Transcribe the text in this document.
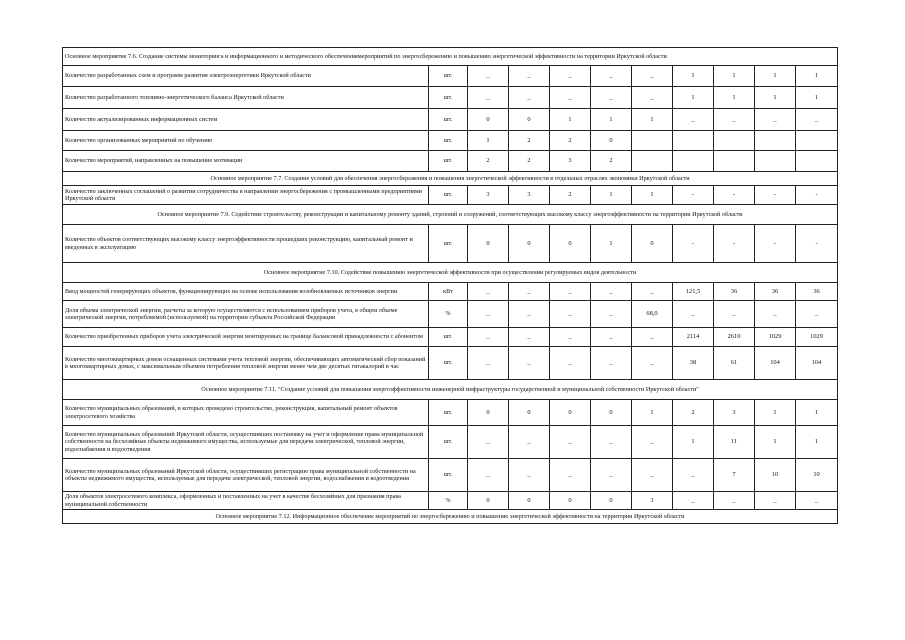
Основное мероприятие 7.6. Создание системы мониторинга и информационного и методического обеспечениямероприятий по энергосбережению и повышению энергетической эффективности на территории Иркутской области										
Количество разработанных схем и программ развития электроэнергетики Иркутской области	шт.	_	_	_	_	_	1	1	1	1
Количество разработанного топливно-энергетического баланса Иркутской области	шт.	_	_	_	_	_	1	1	1	1
Количество актуализированных информационных систем	шт.	0	0	1	1	1	_	_	_	_
Количество организованных мероприятий по обучению	шт.	1	2	2	0					
Количество мероприятий, направленных на повышение мотивации	шт.	2	2	3	2					
Основное мероприятие 7.7. Создание условий для обеспечения энергосбережения и повышения энергетической эффективности в отдельных отраслях экономики Иркутской области										
Количество заключенных соглашений о развитии сотрудничества в направлении энергосбережения с промышленными предприятиями Иркутской области	шт.	3	3	2	1	1	-	-	-	-
Основное мероприятие 7.9. Содействие строительству, реконструкции и капитальному ремонту зданий, строений и сооружений, соответствующих высокому классу энергоэффективности на территории Иркутской области										
Количество объектов соответствующих высокому классу энергоэффективности прошедших реконструкцию, капитальный ремонт и введенных в эксплуатацию	шт.	0	0	0	1	0	-	-	-	-
Основное мероприятие 7.10. Содействие повышению энергетической эффективности при осуществлении регулируемых видов деятельности										
Ввод мощностей генерирующих объектов, функционирующих на основе использования возобновляемых источников энергии	кВт	_	_	_	_	_	121,5	36	36	36
Доля объема электрической энергии, расчеты за которую осуществляются с использованием приборов учета, в общем объеме электрической энергии, потребляемой (используемой) на территории субъекта Российской Федерации	%	_	_	_	_	68,0	_	_	_	_
Количество приобретенных приборов учета электрической энергии монтируемых на границе балансовой принадлежности с абонентом	шт.	_	_	_	_	_	2114	2610	1029	1029
Количество многоквартирных домов оснащенных системами учета тепловой энергии, обеспечивающих автоматический сбор показаний в многоквартирных домах, с максимальным объемом потребления тепловой энергии менее чем две десятых гигакалорий в час	шт.	_	_	_	_	_	38	61	104	104
Основное мероприятие 7.11. "Создание условий для повышения энергоэффективности инженерной инфраструктуры государственной и муниципальной собственности Иркутской области"										
Количество муниципальных образований, в которых проведено строительство, реконструкция, капитальный ремонт объектов электросетевого хозяйства	шт.	0	0	0	0	1	2	3	1	1
Количество муниципальных образований Иркутской области, осуществивших постановку на учет и оформление права муниципальной собственности на бесхозяйные объекты недвижимого имущества, используемые для передачи электрической, тепловой энергии, водоснабжения и водоотведения	шт.	_	_	_	_	_	1	11	1	1
Количество муниципальных образований Иркутской области, осуществивших регистрацию права муниципальной собственности на объекты недвижимого имущества, используемые для передачи электрической, тепловой энергии, водоснабжения и водоотведения	шт.	_	_	_	_	_	_	7	10	10
Доля объектов электросетевого комплекса, оформленных и поставленных на учет в качестве бесхозяйных для признания права муниципальной собственности	%	0	0	0	0	3	_	_	_	_
Основное мероприятие 7.12. Информационное обеспечение мероприятий по энергосбережению и повышению энергетической эффективности на территории Иркутской области										
